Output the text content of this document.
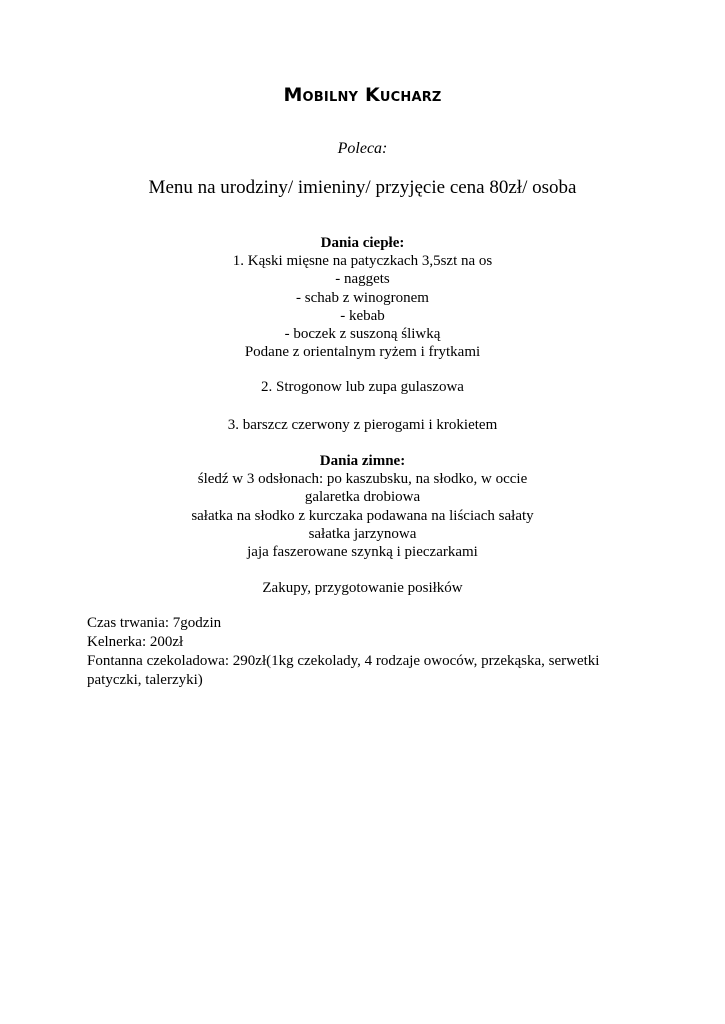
Mobilny Kucharz
Poleca:
Menu na urodziny/ imieniny/ przyjęcie cena 80zł/ osoba
Dania ciepłe:
1. Kąski mięsne na patyczkach 3,5szt na os
- naggets
- schab z winogronem
- kebab
- boczek z suszoną śliwką
Podane z orientalnym ryżem i frytkami
2. Strogonow lub zupa gulaszowa
3. barszcz czerwony z pierogami i krokietem
Dania zimne:
śledź w 3 odsłonach: po kaszubsku, na słodko, w occie
galaretka drobiowa
sałatka na słodko z kurczaka podawana na liściach sałaty
sałatka jarzynowa
jaja faszerowane szynką i pieczarkami
Zakupy, przygotowanie posiłków
Czas trwania: 7godzin
Kelnerka: 200zł
Fontanna czekoladowa: 290zł(1kg czekolady, 4 rodzaje owoców, przekąska, serwetki
patyczki, talerzyki)
